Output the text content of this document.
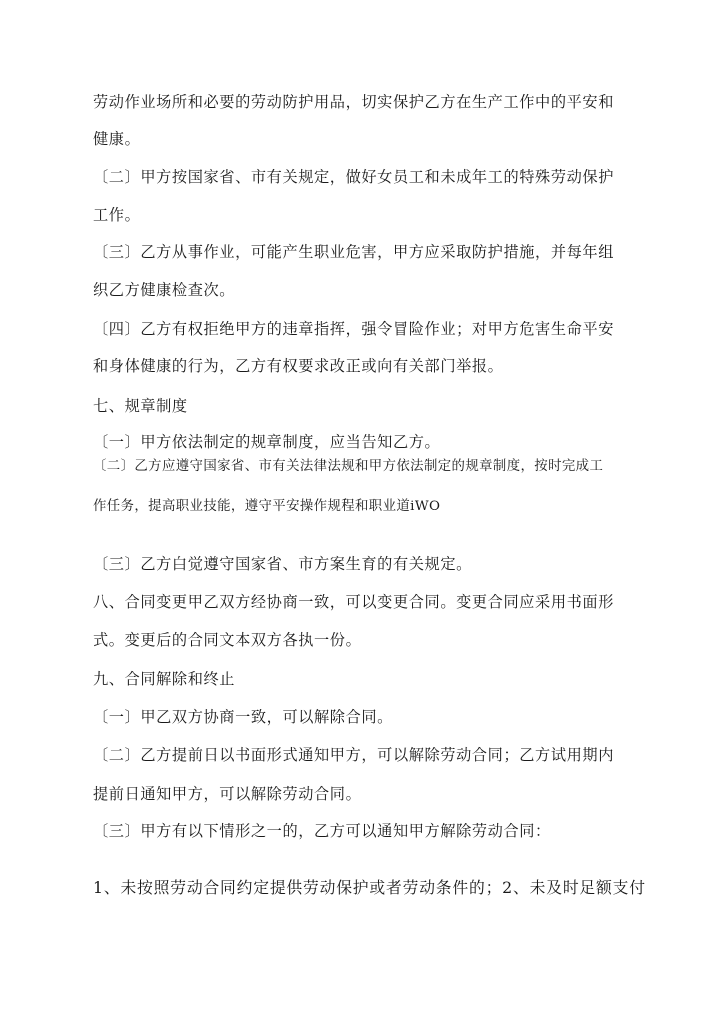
劳动作业场所和必要的劳动防护用品，切实保护乙方在生产工作中的平安和
健康。
〔二〕甲方按国家省、市有关规定，做好女员工和未成年工的特殊劳动保护
工作。
〔三〕乙方从事作业，可能产生职业危害，甲方应采取防护措施，并每年组
织乙方健康检查次。
〔四〕乙方有权拒绝甲方的违章指挥，强令冒险作业；对甲方危害生命平安
和身体健康的行为，乙方有权要求改正或向有关部门举报。
七、规章制度
〔一〕甲方依法制定的规章制度，应当告知乙方。
〔二〕乙方应遵守国家省、市有关法律法规和甲方依法制定的规章制度，按时完成工
作任务，提高职业技能，遵守平安操作规程和职业道iWO
〔三〕乙方白觉遵守国家省、市方案生育的有关规定。
八、合同变更甲乙双方经协商一致，可以变更合同。变更合同应采用书面形
式。变更后的合同文本双方各执一份。
九、合同解除和终止
〔一〕甲乙双方协商一致，可以解除合同。
〔二〕乙方提前日以书面形式通知甲方，可以解除劳动合同；乙方试用期内
提前日通知甲方，可以解除劳动合同。
〔三〕甲方有以下情形之一的，乙方可以通知甲方解除劳动合同：
1、未按照劳动合同约定提供劳动保护或者劳动条件的；2、未及时足额支付
